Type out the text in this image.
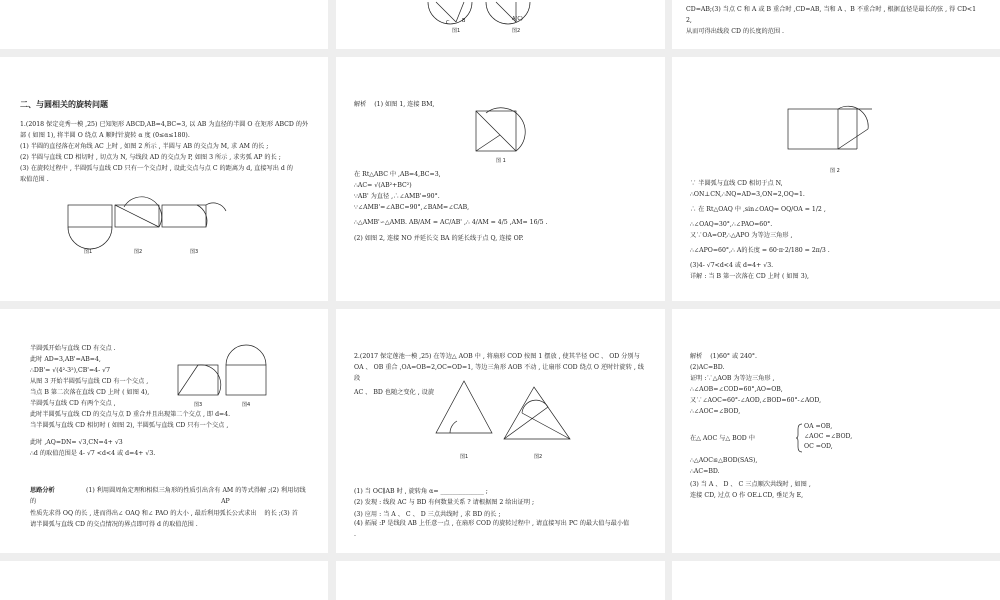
C	B	A(C)
图1	图2
CD=AB;(3) 当点 C 和 A 或 B 重合时 ,CD=AB, 当和 A 、B 不重合时 , 根据直径是最长的弦 , 得 CD<1
2,
从而可得出线段 CD 的长度的范围 .
二、与圆相关的旋转问题
1.(2018 保定竞秀一模 ,25) 已知矩形 ABCD,AB=4,BC=3, 以 AB 为直径的半圆 O 在矩形 ABCD 的外
部 ( 如图 1), 将半圆 O 绕点 A 顺时针旋转 α 度 (0≤α≤180).
(1) 半圆的直径落在对角线 AC 上时 , 如图 2 所示 , 半圆与 AB 的交点为 M, 求 AM 的长 ;
(2) 半圆与直线 CD 相切时 , 切点为 N, 与线段 AD 的交点为 P, 如图 3 所示 , 求劣弧 AP 的长 ;
(3) 在旋转过程中 , 半圆弧与直线 CD 只有一个交点时 , 设此交点与点 C 的距离为 d, 直接写出 d 的
取值范围 .
图1	图2	图3
解析    (1) 如图 1, 连接 BM,
图 1
在 Rt△ABC 中 ,AB=4,BC=3,
∴AC= √(AB²+BC²)
∵AB' 为直径 ,∴∠AMB'=90°.
∵∠AMB'=∠ABC=90°,∠BAM=∠CAB,
∴△AMB'∽△AMB. AB/AM = AC/AB' ,∴ 4/AM = 4/5 ,AM= 16/5 .
(2) 如图 2, 连接 NO 并延长交 BA 的延长线于点 Q, 连接 OP.
图 2
∵ 半圆弧与直线 CD 相切于点 N,
∴ON⊥CN,∴NQ=AD=3,ON=2,OQ=1.
∴ 在 Rt△OAQ 中 ,sin∠OAQ= OQ/OA = 1/2 ,
∴∠OAQ=30°,∴∠PAO=60°.
又∵OA=OP,∴△APO 为等边三角形 ,
∴∠APO=60°,∴ A的长度 = 60·π·2/180 = 2π/3 .
(3)4- √7<d<4 或 d=4+ √3.
详解 : 当 B 第一次落在 CD 上时 ( 如图 3),
半圆弧开始与直线 CD 有交点 .
此时 AD=3,AB'=AB=4,
∴DB'= √(4²-3²),CB'=4- √7
从图 3 开始半圆弧与直线 CD 有一个交点 ,
当点 B 第二次落在直线 CD 上时 ( 如图 4),
半圆弧与直线 CD 有两个交点 ,
此时半圆弧与直线 CD 的交点与点 D 重合并且出现第二个交点 , 即 d=4.
当半圆弧与直线 CD 相切时 ( 如图 2), 半圆弧与直线 CD 只有一个交点 ,
此时 ,AQ=DN= √3,CN=4+ √3
∴d 的取值范围是 4- √7 <d<4 或 d=4+ √3.
图3	图4
思路分析	(1) 利用圆周角定理和相似三角形的性质引出含有 AM 的等式得解 ;(2) 利用切线
的                                                                                              AP
性质先求得 OQ 的长 , 进而得出∠ OAQ 和∠ PAO 的大小 , 最后利用弧长公式求出    的长 ;(3) 首
请半圆弧与直线 CD 的交点情况的界点即可得 d 的取值范围 .
2.(2017 保定莲池一模 ,25) 在等边△ AOB 中 , 将扇形 COD 按图 1 摆放 , 使其半径 OC 、 OD 分别与
OA 、 OB 重合 ,OA=OB=2,OC=OD=1, 等边三角形 AOB 不动 , 让扇形 COD 绕点 O 逆时针旋转 , 线
段
AC 、 BD 也随之变化 , 设旋
图1	图2
(1) 当 OC∥AB 时 , 旋转角 α= ______________ ;
(2) 发现 : 线段 AC 与 BD 有何数量关系 ? 请根据图 2 给出证明 ;
(3) 应用 : 当 A 、 C 、 D 三点共线时 , 求 BD 的长 ;
(4) 拓展 :P 是线段 AB 上任意一点 , 在扇形 COD 的旋转过程中 , 请直接写出 PC 的最大值与最小值
.
解析    (1)60° 或 240°.
(2)AC=BD.
证明 :∵△AOB 为等边三角形 ,
∴∠AOB=∠COD=60°,AO=OB,
又∵∠AOC=60°-∠AOD,∠BOD=60°-∠AOD,
∴∠AOC=∠BOD,
在△ AOC 与△ BOD 中
OA =OB,
∠AOC =∠BOD,
OC =OD,
∴△AOC≌△BOD(SAS),
∴AC=BD.
(3) 当 A 、 D 、 C 三点顺次共线时 , 如图 ,
连接 CD, 过点 O 作 OE⊥CD, 垂足为 E,
